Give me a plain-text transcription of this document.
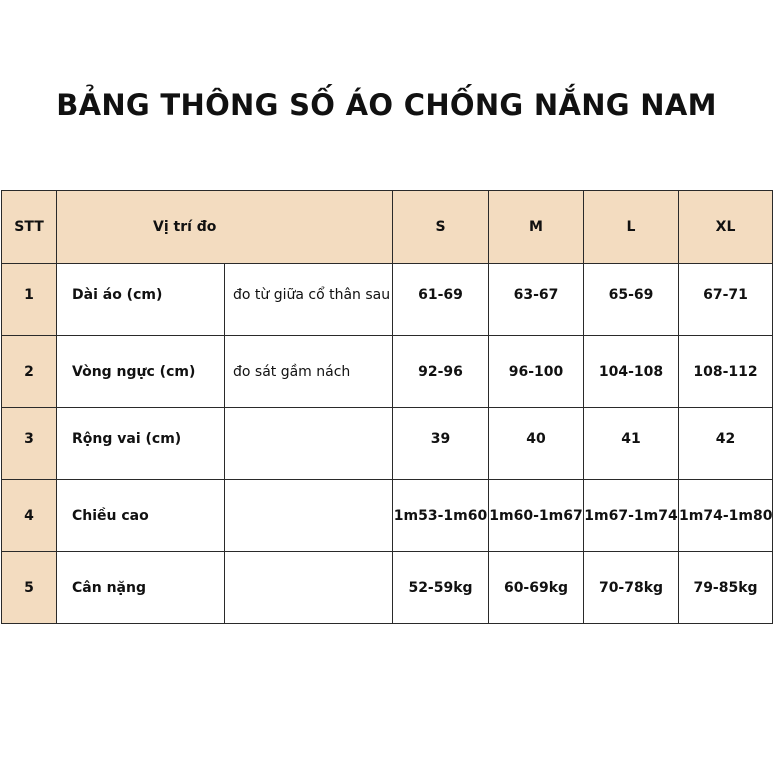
BẢNG THÔNG SỐ ÁO CHỐNG NẮNG NAM
STT	Vị trí đo		S	M	L	XL
1	Dài áo (cm)	đo từ giữa cổ thân sau	61-69	63-67	65-69	67-71
2	Vòng ngực (cm)	đo sát gầm nách	92-96	96-100	104-108	108-112
3	Rộng vai (cm)		39	40	41	42
4	Chiều cao		1m53-1m60	1m60-1m67	1m67-1m74	1m74-1m80
5	Cân nặng		52-59kg	60-69kg	70-78kg	79-85kg
